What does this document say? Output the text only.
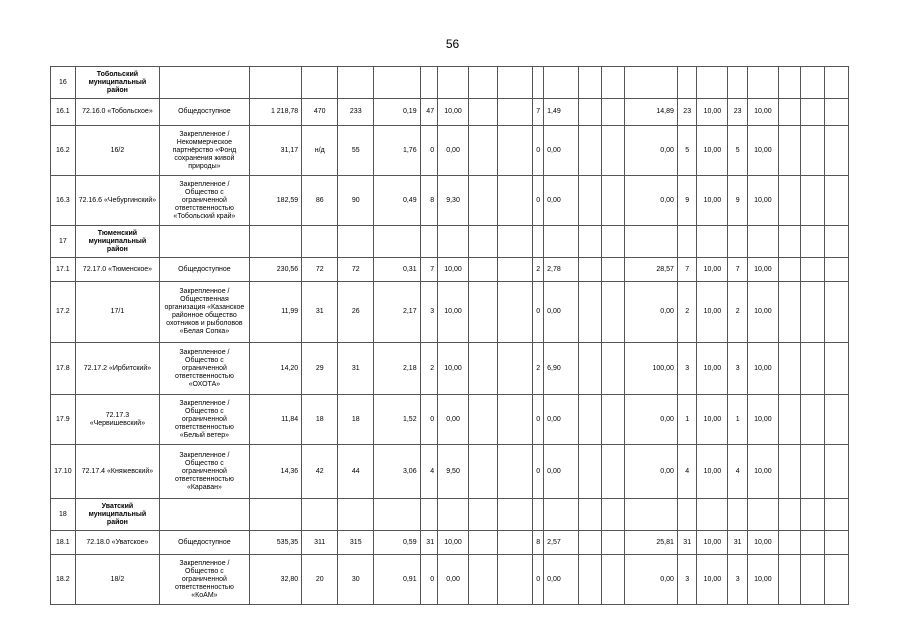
56
16	Тобольский муниципальный район																					
16.1	72.16.0 «Тобольское»	Общедоступное	1 218,78	470	233	0,19	47	10,00			7	1,49			14,89	23	10,00	23	10,00			
16.2	16/2	Закрепленное / Некоммерческое партнёрство «Фонд сохранения живой природы»	31,17	н/д	55	1,76	0	0,00			0	0,00			0,00	5	10,00	5	10,00			
16.3	72.16.6 «Чебургинский»	Закрепленное / Общество с ограниченной ответственностью «Тобольский край»	182,59	86	90	0,49	8	9,30			0	0,00			0,00	9	10,00	9	10,00			
17	Тюменский муниципальный район																					
17.1	72.17.0 «Тюменское»	Общедоступное	230,56	72	72	0,31	7	10,00			2	2,78			28,57	7	10,00	7	10,00			
17.2	17/1	Закрепленное / Общественная организация «Казанское районное общество охотников и рыболовов «Белая Сопка»	11,99	31	26	2,17	3	10,00			0	0,00			0,00	2	10,00	2	10,00			
17.8	72.17.2 «Ирбитский»	Закрепленное / Общество с ограниченной ответственностью «ОХОТА»	14,20	29	31	2,18	2	10,00			2	6,90			100,00	3	10,00	3	10,00			
17.9	72.17.3 «Червишевский»	Закрепленное / Общество с ограниченной ответственностью «Белый ветер»	11,84	18	18	1,52	0	0,00			0	0,00			0,00	1	10,00	1	10,00			
17.10	72.17.4 «Княжевский»	Закрепленное / Общество с ограниченной ответственностью «Караван»	14,36	42	44	3,06	4	9,50			0	0,00			0,00	4	10,00	4	10,00			
18	Уватский муниципальный район																					
18.1	72.18.0 «Уватское»	Общедоступное	535,35	311	315	0,59	31	10,00			8	2,57			25,81	31	10,00	31	10,00			
18.2	18/2	Закрепленное / Общество с ограниченной ответственностью «КоАМ»	32,80	20	30	0,91	0	0,00			0	0,00			0,00	3	10,00	3	10,00			
